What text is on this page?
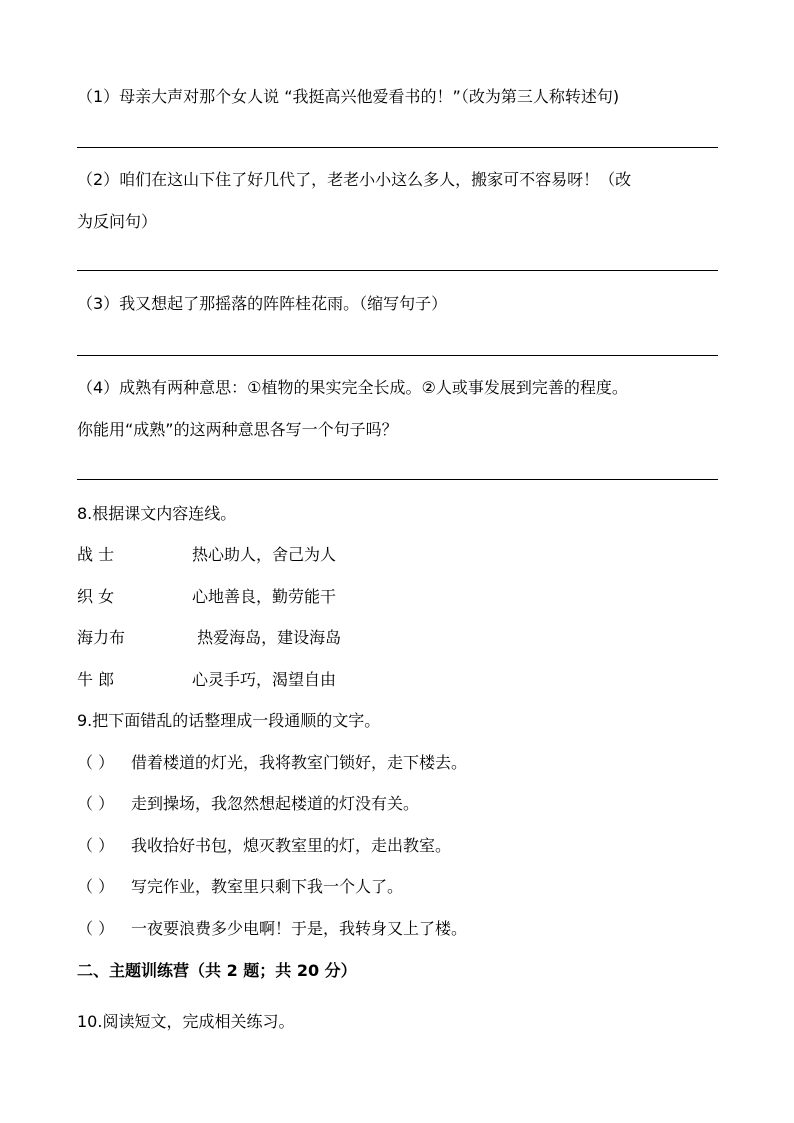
（1）母亲大声对那个女人说 “我挺高兴他爱看书的！”（改为第三人称转述句)
（2）咱们在这山下住了好几代了，老老小小这么多人，搬家可不容易呀！（改
为反问句）
（3）我又想起了那摇落的阵阵桂花雨。（缩写句子）
（4）成熟有两种意思：①植物的果实完全长成。②人或事发展到完善的程度。
你能用“成熟”的这两种意思各写一个句子吗？
8.根据课文内容连线。
战 士	热心助人，舍己为人
织 女	心地善良，勤劳能干
海力布	热爱海岛，建设海岛
牛 郎	心灵手巧，渴望自由
9.把下面错乱的话整理成一段通顺的文字。
（ ） 借着楼道的灯光，我将教室门锁好，走下楼去。
（ ） 走到操场，我忽然想起楼道的灯没有关。
（ ） 我收拾好书包，熄灭教室里的灯，走出教室。
（ ） 写完作业，教室里只剩下我一个人了。
（ ） 一夜要浪费多少电啊！于是，我转身又上了楼。
二、主题训练营（共 2 题；共 20 分）
10.阅读短文，完成相关练习。
